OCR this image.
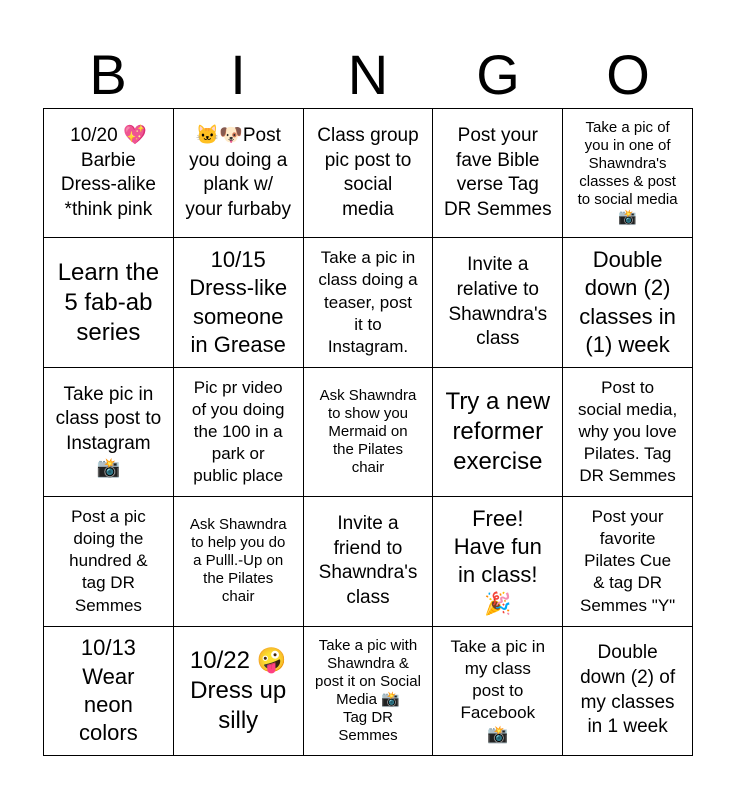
B	I	N	G	O
10/20 💖
Barbie
Dress-alike
*think pink
🐱🐶Post
you doing a
plank w/
your furbaby
Class group
pic post to
social
media
Post your
fave Bible
verse Tag
DR Semmes
Take a pic of
you in one of
Shawndra's
classes & post
to social media
📸
Learn the
5 fab-ab
series
10/15
Dress-like
someone
in Grease
Take a pic in
class doing a
teaser, post
it to
Instagram.
Invite a
relative to
Shawndra's
class
Double
down (2)
classes in
(1) week
Take pic in
class post to
Instagram
📸
Pic pr video
of you doing
the 100 in a
park or
public place
Ask Shawndra
to show you
Mermaid on
the Pilates
chair
Try a new
reformer
exercise
Post to
social media,
why you love
Pilates. Tag
DR Semmes
Post a pic
doing the
hundred &
tag DR
Semmes
Ask Shawndra
to help you do
a Pulll.-Up on
the Pilates
chair
Invite a
friend to
Shawndra's
class
Free!
Have fun
in class!
🎉
Post your
favorite
Pilates Cue
& tag DR
Semmes "Y"
10/13
Wear
neon
colors
10/22 🤪
Dress up
silly
Take a pic with
Shawndra &
post it on Social
Media 📸
Tag DR
Semmes
Take a pic in
my class
post to
Facebook
📸
Double
down (2) of
my classes
in 1 week
